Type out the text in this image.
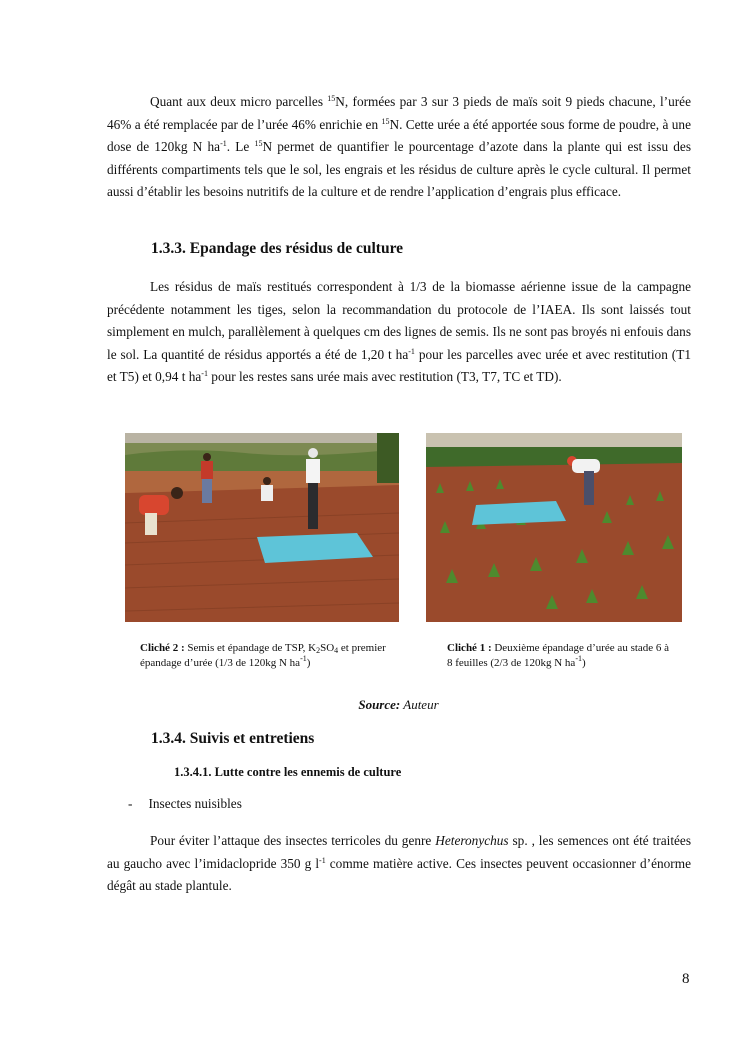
Quant aux deux micro parcelles $^{15}$N, formées par 3 sur 3 pieds de maïs soit 9 pieds chacune, l’urée 46% a été remplacée par de l’urée 46% enrichie en $^{15}$N. Cette urée a été apportée sous forme de poudre, à une dose de 120kg N $ha^{-1}$. Le $^{15}$N permet de quantifier le pourcentage d’azote dans la plante qui est issu des différents compartiments tels que le sol, les engrais et les résidus de culture après le cycle cultural. Il permet aussi d’établir les besoins nutritifs de la culture et de rendre l’application d’engrais plus efficace.

1.3.3. Epandage des résidus de culture

Les résidus de maïs restitués correspondent à 1/3 de la biomasse aérienne issue de la campagne précédente notamment les tiges, selon la recommandation du protocole de l’IAEA. Ils sont laissés tout simplement en mulch, parallèlement à quelques cm des lignes de semis. Ils ne sont pas broyés ni enfouis dans le sol. La quantité de résidus apportés a été de 1,20 t $ha^{-1}$ pour les parcelles avec urée et avec restitution (T1 et T5) et 0,94 t $ha^{-1}$ pour les restes sans urée mais avec restitution (T3, T7, TC et TD).

Cliché 2 : Semis et épandage de TSP, $K_2SO_4$ et premier épandage d’urée (1/3 de 120kg N $ha^{-1}$)

Cliché 1 : Deuxième épandage d’urée au stade 6 à 8 feuilles (2/3 de 120kg N $ha^{-1}$)

Source: Auteur
1.3.4. Suivis et entretiens
1.3.4.1. Lutte contre les ennemis de culture
- Insectes nuisibles

Pour éviter l’attaque des insectes terricoles du genre Heteronychus sp. , les semences ont été traitées au gaucho avec l’imidaclopride 350 g $l^{-1}$ comme matière active. Ces insectes peuvent occasionner d’énorme dégât au stade plantule.

8
